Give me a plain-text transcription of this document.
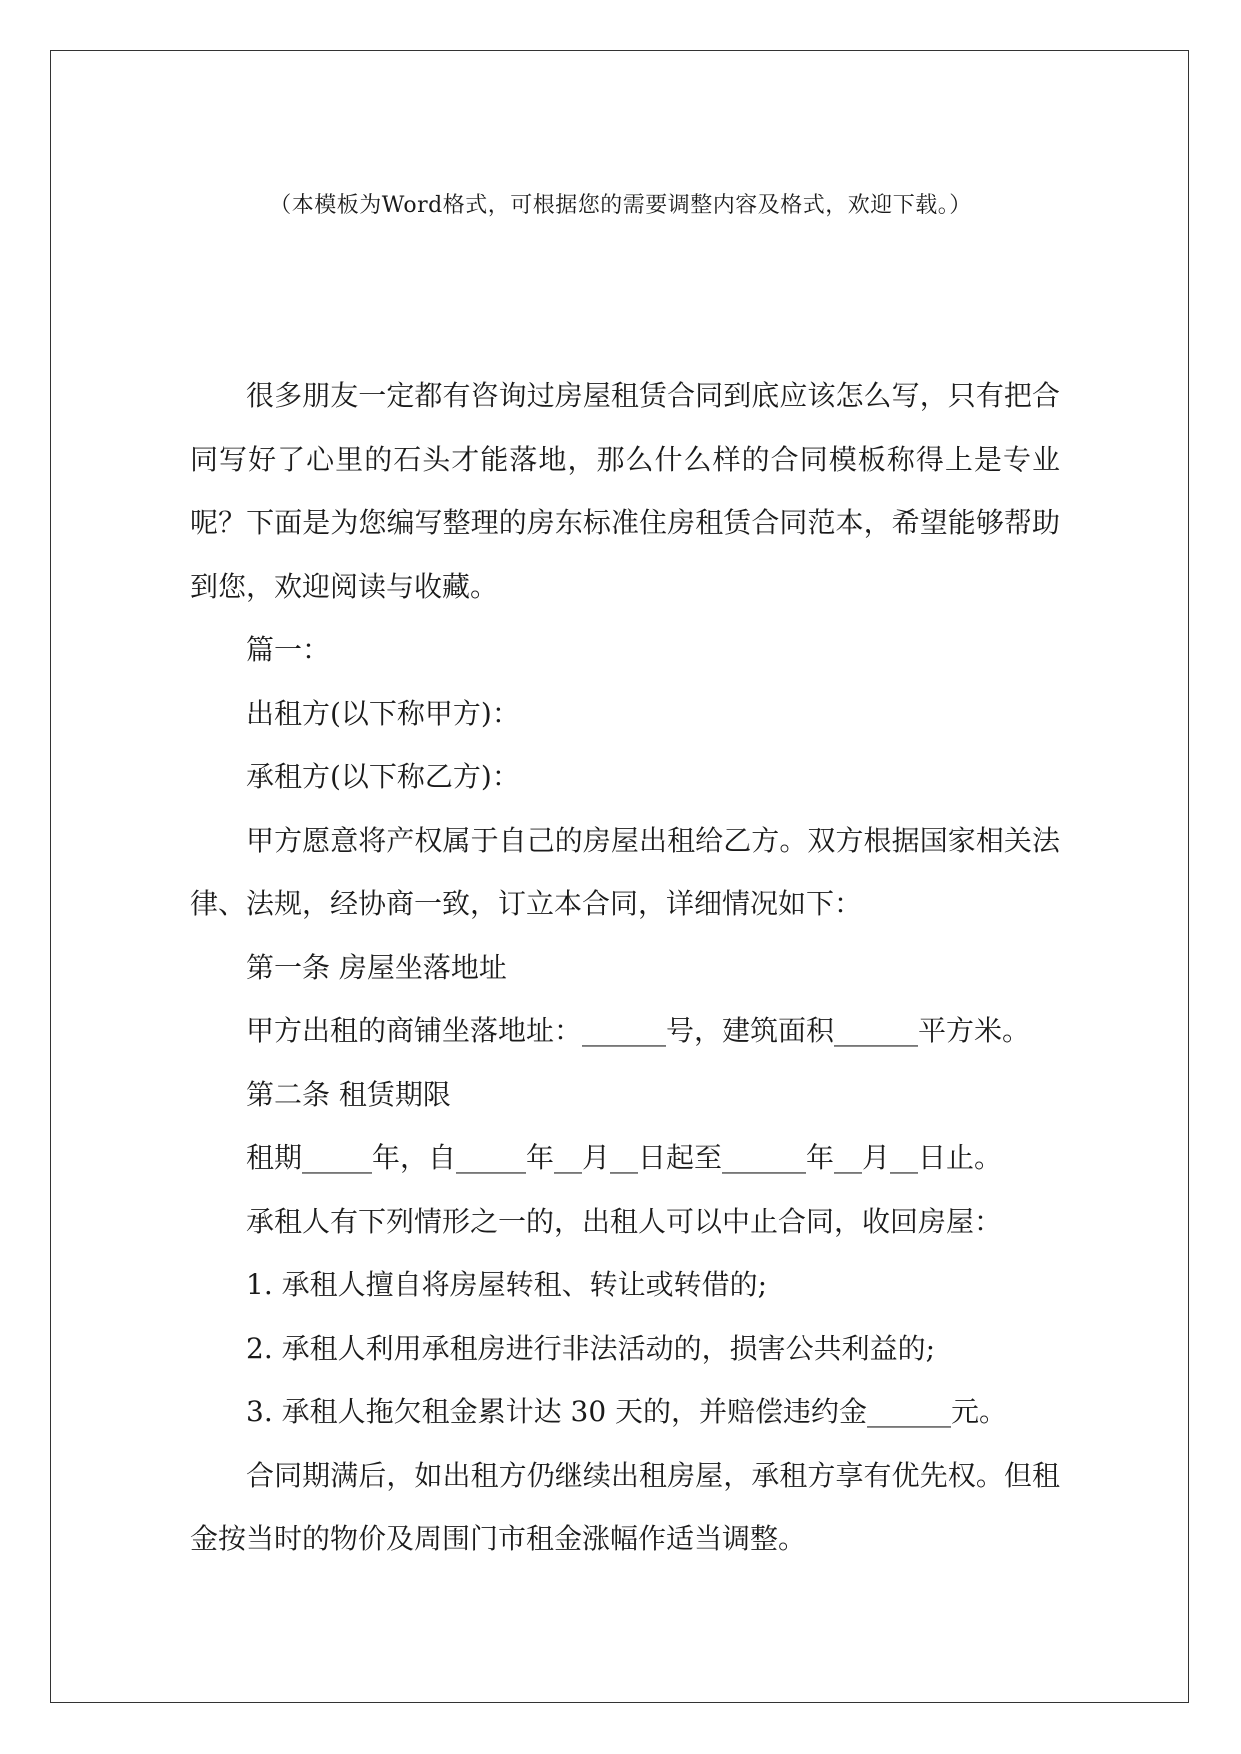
（本模板为Word格式，可根据您的需要调整内容及格式，欢迎下载。）

很多朋友一定都有咨询过房屋租赁合同到底应该怎么写，只有把合同写好了心里的石头才能落地，那么什么样的合同模板称得上是专业呢？下面是为您编写整理的房东标准住房租赁合同范本，希望能够帮助到您，欢迎阅读与收藏。

篇一：

出租方(以下称甲方)：

承租方(以下称乙方)：

甲方愿意将产权属于自己的房屋出租给乙方。双方根据国家相关法律、法规，经协商一致，订立本合同，详细情况如下：

第一条 房屋坐落地址

甲方出租的商铺坐落地址：______号，建筑面积______平方米。

第二条 租赁期限

租期_____年，自_____年__月__日起至______年__月__日止。

承租人有下列情形之一的，出租人可以中止合同，收回房屋：

1. 承租人擅自将房屋转租、转让或转借的;

2. 承租人利用承租房进行非法活动的，损害公共利益的;

3. 承租人拖欠租金累计达 30 天的，并赔偿违约金______元。

合同期满后，如出租方仍继续出租房屋，承租方享有优先权。但租金按当时的物价及周围门市租金涨幅作适当调整。
